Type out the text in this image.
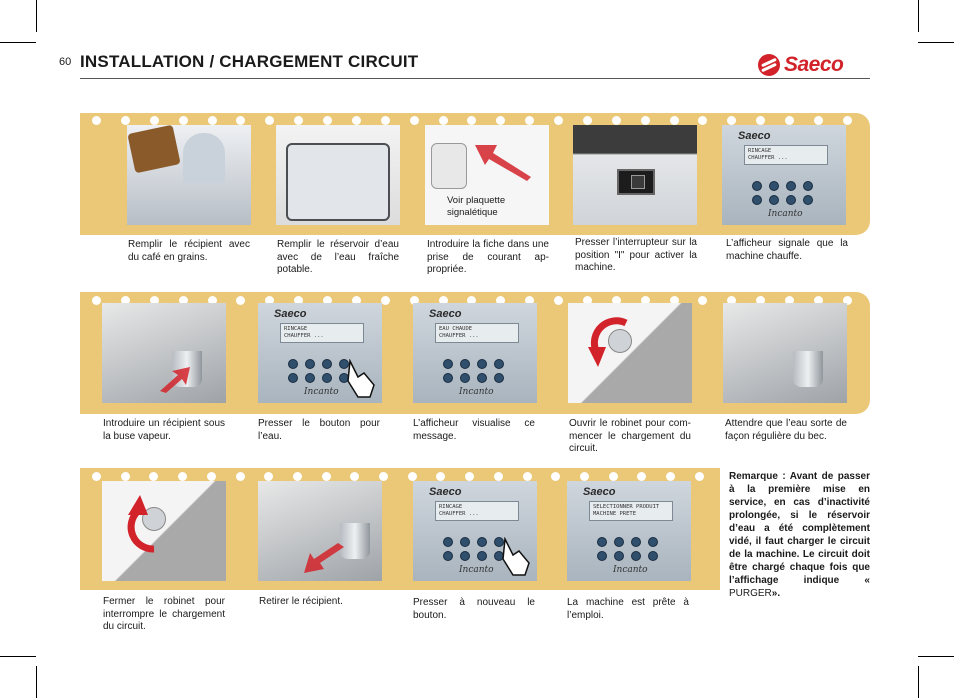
60 INSTALLATION / CHARGEMENT CIRCUIT	Saeco
Remplir le récipient avec du café en grains.
Remplir le réservoir d’eau avec de l’eau fraîche potable.
Voir plaquette signalétique
Introduire la fiche dans une prise de courant ap-propriée.
Presser l’interrupteur sur la position "I" pour activer la machine.
Saeco
RINCAGE
CHAUFFER ...
Incanto
L’afficheur signale que la machine chauffe.
Introduire un récipient sous la buse vapeur.
Saeco
RINCAGE
CHAUFFER ...
Incanto
Presser le bouton pour l’eau.
Saeco
EAU CHAUDE
CHAUFFER ...
Incanto
L’afficheur visualise ce message.
Ouvrir le robinet pour com-mencer le chargement du circuit.
Attendre que l’eau sorte de façon régulière du bec.
Fermer le robinet pour interrompre le chargement du circuit.
Retirer le récipient.
Saeco
RINCAGE
CHAUFFER ...
Incanto
Presser à nouveau le bouton.
Saeco
SELECTIONNER PRODUIT
MACHINE PRETE
Incanto
La machine est prête à l’emploi.
Remarque : Avant de passer à la première mise en service, en cas d’inactivité prolongée, si le réservoir d’eau a été complètement vidé, il faut charger le circuit de la machine. Le circuit doit être chargé chaque fois que l’affichage indique « PURGER».
